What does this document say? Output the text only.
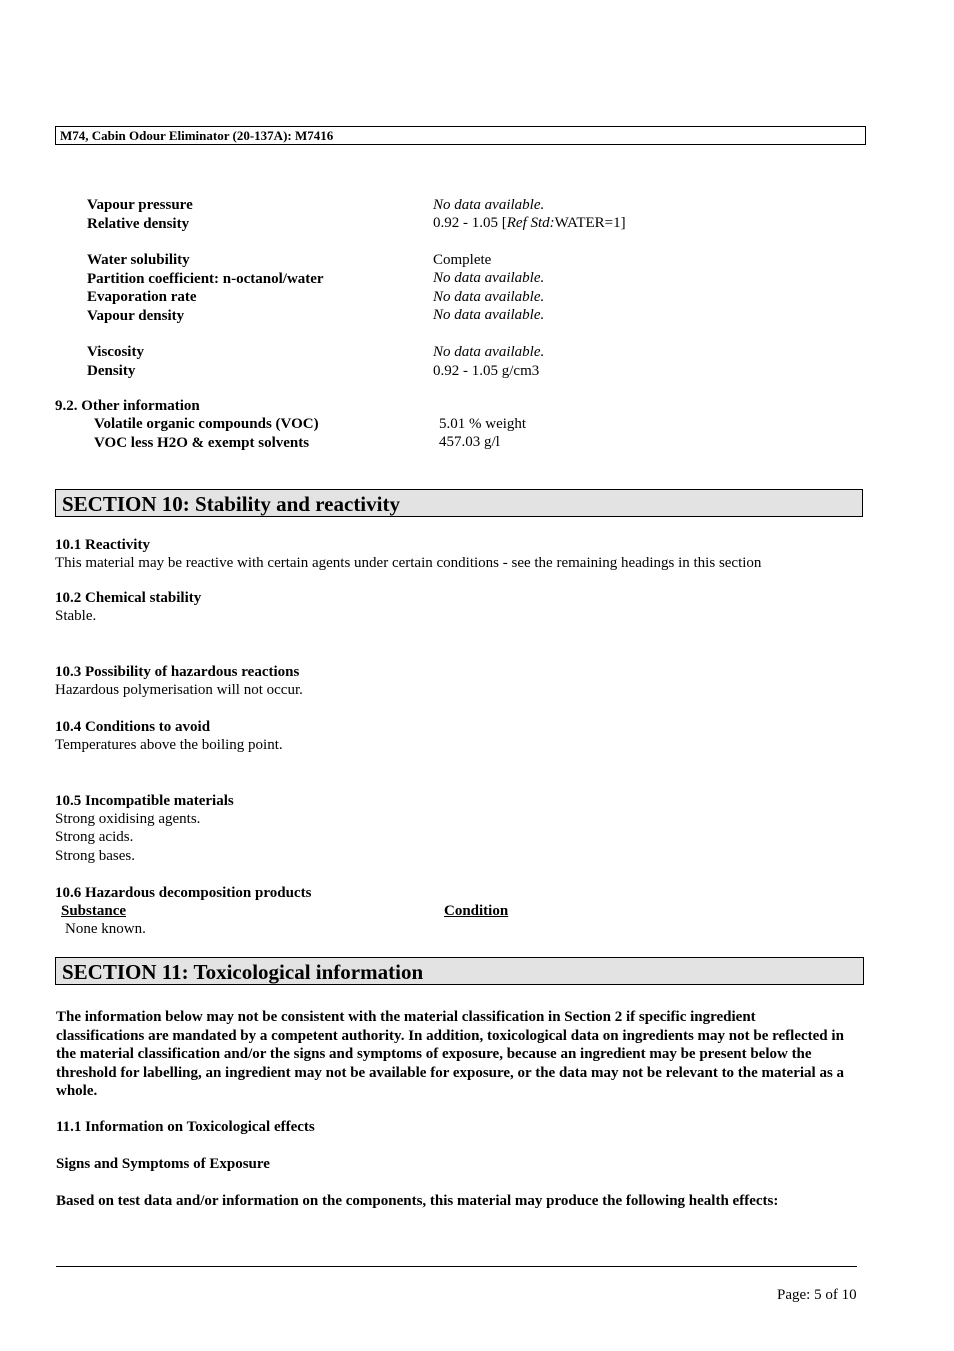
M74, Cabin Odour Eliminator (20-137A): M7416
Vapour pressure	No data available.
Relative density	0.92 - 1.05 [Ref Std:WATER=1]
Water solubility	Complete
Partition coefficient: n-octanol/water	No data available.
Evaporation rate	No data available.
Vapour density	No data available.
Viscosity	No data available.
Density	0.92 - 1.05 g/cm3
9.2. Other information
Volatile organic compounds (VOC)	5.01 % weight
VOC less H2O & exempt solvents	457.03 g/l
SECTION 10: Stability and reactivity
10.1 Reactivity
This material may be reactive with certain agents under certain conditions - see the remaining headings in this section
10.2 Chemical stability
Stable.
10.3 Possibility of hazardous reactions
Hazardous polymerisation will not occur.
10.4 Conditions to avoid
Temperatures above the boiling point.
10.5 Incompatible materials
Strong oxidising agents.
Strong acids.
Strong bases.
10.6 Hazardous decomposition products
Substance	Condition
None known.
SECTION 11: Toxicological information
The information below may not be consistent with the material classification in Section 2 if specific ingredient classifications are mandated by a competent authority. In addition, toxicological data on ingredients may not be reflected in the material classification and/or the signs and symptoms of exposure, because an ingredient may be present below the threshold for labelling, an ingredient may not be available for exposure, or the data may not be relevant to the material as a whole.
11.1 Information on Toxicological effects
Signs and Symptoms of Exposure
Based on test data and/or information on the components, this material may produce the following health effects:
Page: 5 of 10
